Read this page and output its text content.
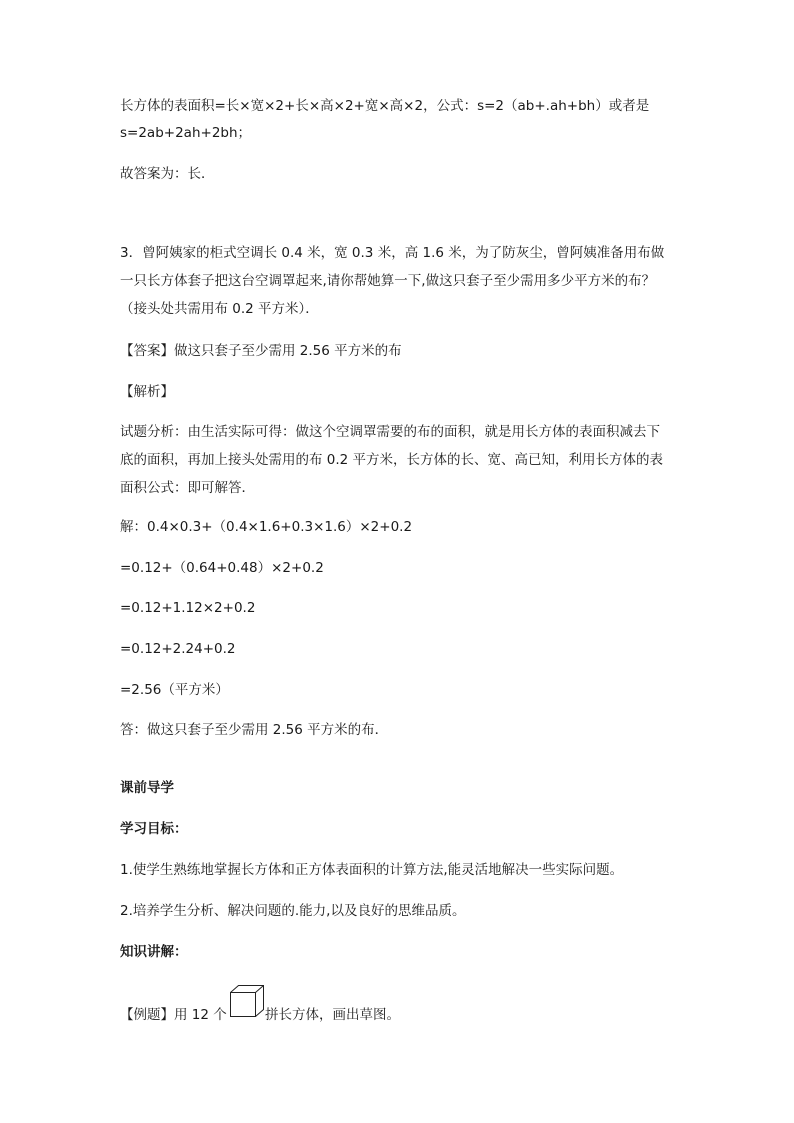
长方体的表面积=长×宽×2+长×高×2+宽×高×2，公式：s=2（ab+.ah+bh）或者是
s=2ab+2ah+2bh；
故答案为：长．
3．曾阿姨家的柜式空调长 0.4 米，宽 0.3 米，高 1.6 米，为了防灰尘，曾阿姨准备用布做
一只长方体套子把这台空调罩起来,请你帮她算一下,做这只套子至少需用多少平方米的布？
（接头处共需用布 0.2 平方米）．
【答案】做这只套子至少需用 2.56 平方米的布
【解析】
试题分析：由生活实际可得：做这个空调罩需要的布的面积，就是用长方体的表面积减去下
底的面积，再加上接头处需用的布 0.2 平方米，长方体的长、宽、高已知，利用长方体的表
面积公式：即可解答．
解：0.4×0.3+（0.4×1.6+0.3×1.6）×2+0.2
=0.12+（0.64+0.48）×2+0.2
=0.12+1.12×2+0.2
=0.12+2.24+0.2
=2.56（平方米）
答：做这只套子至少需用 2.56 平方米的布．
课前导学
学习目标：
1.使学生熟练地掌握长方体和正方体表面积的计算方法,能灵活地解决一些实际问题。
2.培养学生分析、解决问题的.能力,以及良好的思维品质。
知识讲解：
【例题】用 12 个	拼长方体，画出草图。
